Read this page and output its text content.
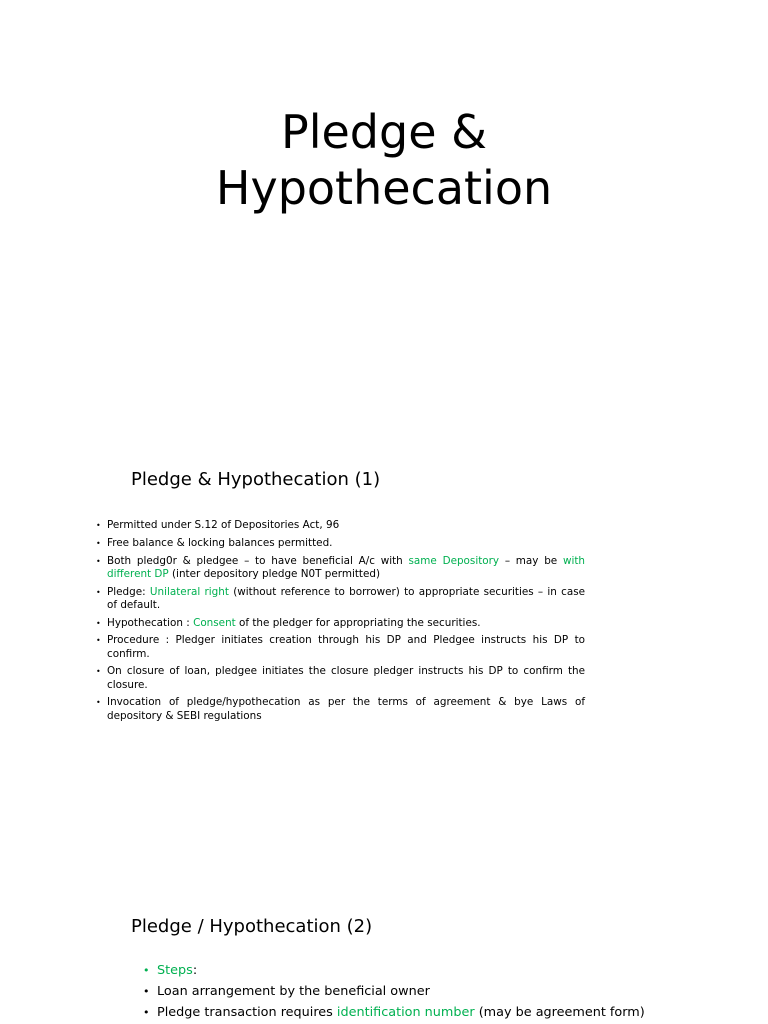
Pledge &
Hypothecation
Pledge & Hypothecation (1)
• Permitted under S.12 of Depositories Act, 96
• Free balance & locking balances permitted.
• Both pledg0r & pledgee – to have beneficial A/c with same Depository – may be with different DP (inter depository pledge N0T permitted)
• Pledge: Unilateral right (without reference to borrower) to appropriate securities – in case of default.
• Hypothecation : Consent of the pledger for appropriating the securities.
• Procedure : Pledger initiates creation through his DP and Pledgee instructs his DP to confirm.
• On closure of loan, pledgee initiates the closure pledger instructs his DP to confirm the closure.
• Invocation of pledge/hypothecation as per the terms of agreement & bye Laws of depository & SEBI regulations
Pledge / Hypothecation (2)
• Steps:
• Loan arrangement by the beneficial owner
• Pledge transaction requires identification number (may be agreement form)
